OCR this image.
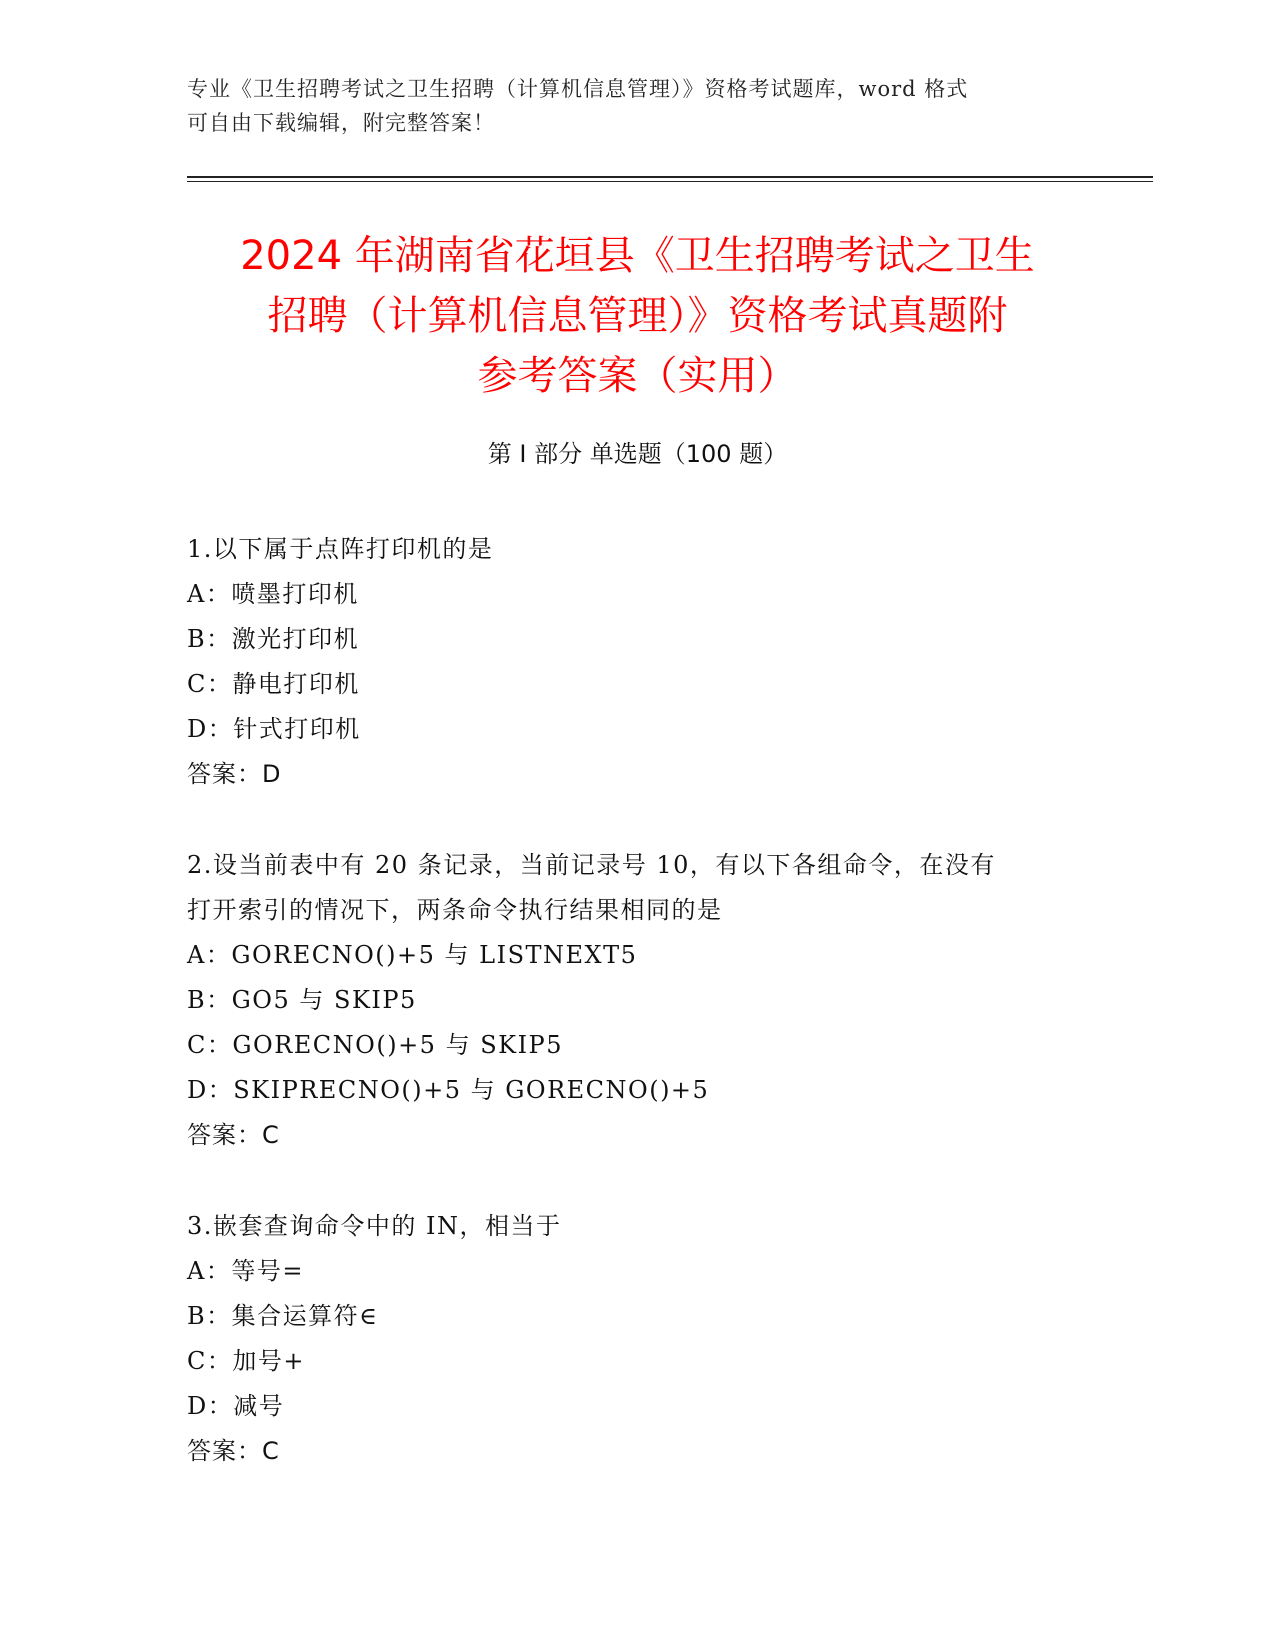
专业《卫生招聘考试之卫生招聘（计算机信息管理）》资格考试题库，word 格式
可自由下载编辑，附完整答案！
2024 年湖南省花垣县《卫生招聘考试之卫生
招聘（计算机信息管理）》资格考试真题附
参考答案（实用）
第 I 部分 单选题（100 题）
1.以下属于点阵打印机的是
A：喷墨打印机
B：激光打印机
C：静电打印机
D：针式打印机
答案：D
2.设当前表中有 20 条记录，当前记录号 10，有以下各组命令，在没有
打开索引的情况下，两条命令执行结果相同的是
A：GORECNO()+5 与 LISTNEXT5
B：GO5 与 SKIP5
C：GORECNO()+5 与 SKIP5
D：SKIPRECNO()+5 与 GORECNO()+5
答案：C
3.嵌套查询命令中的 IN，相当于
A：等号=
B：集合运算符∈
C：加号+
D：减号
答案：C
